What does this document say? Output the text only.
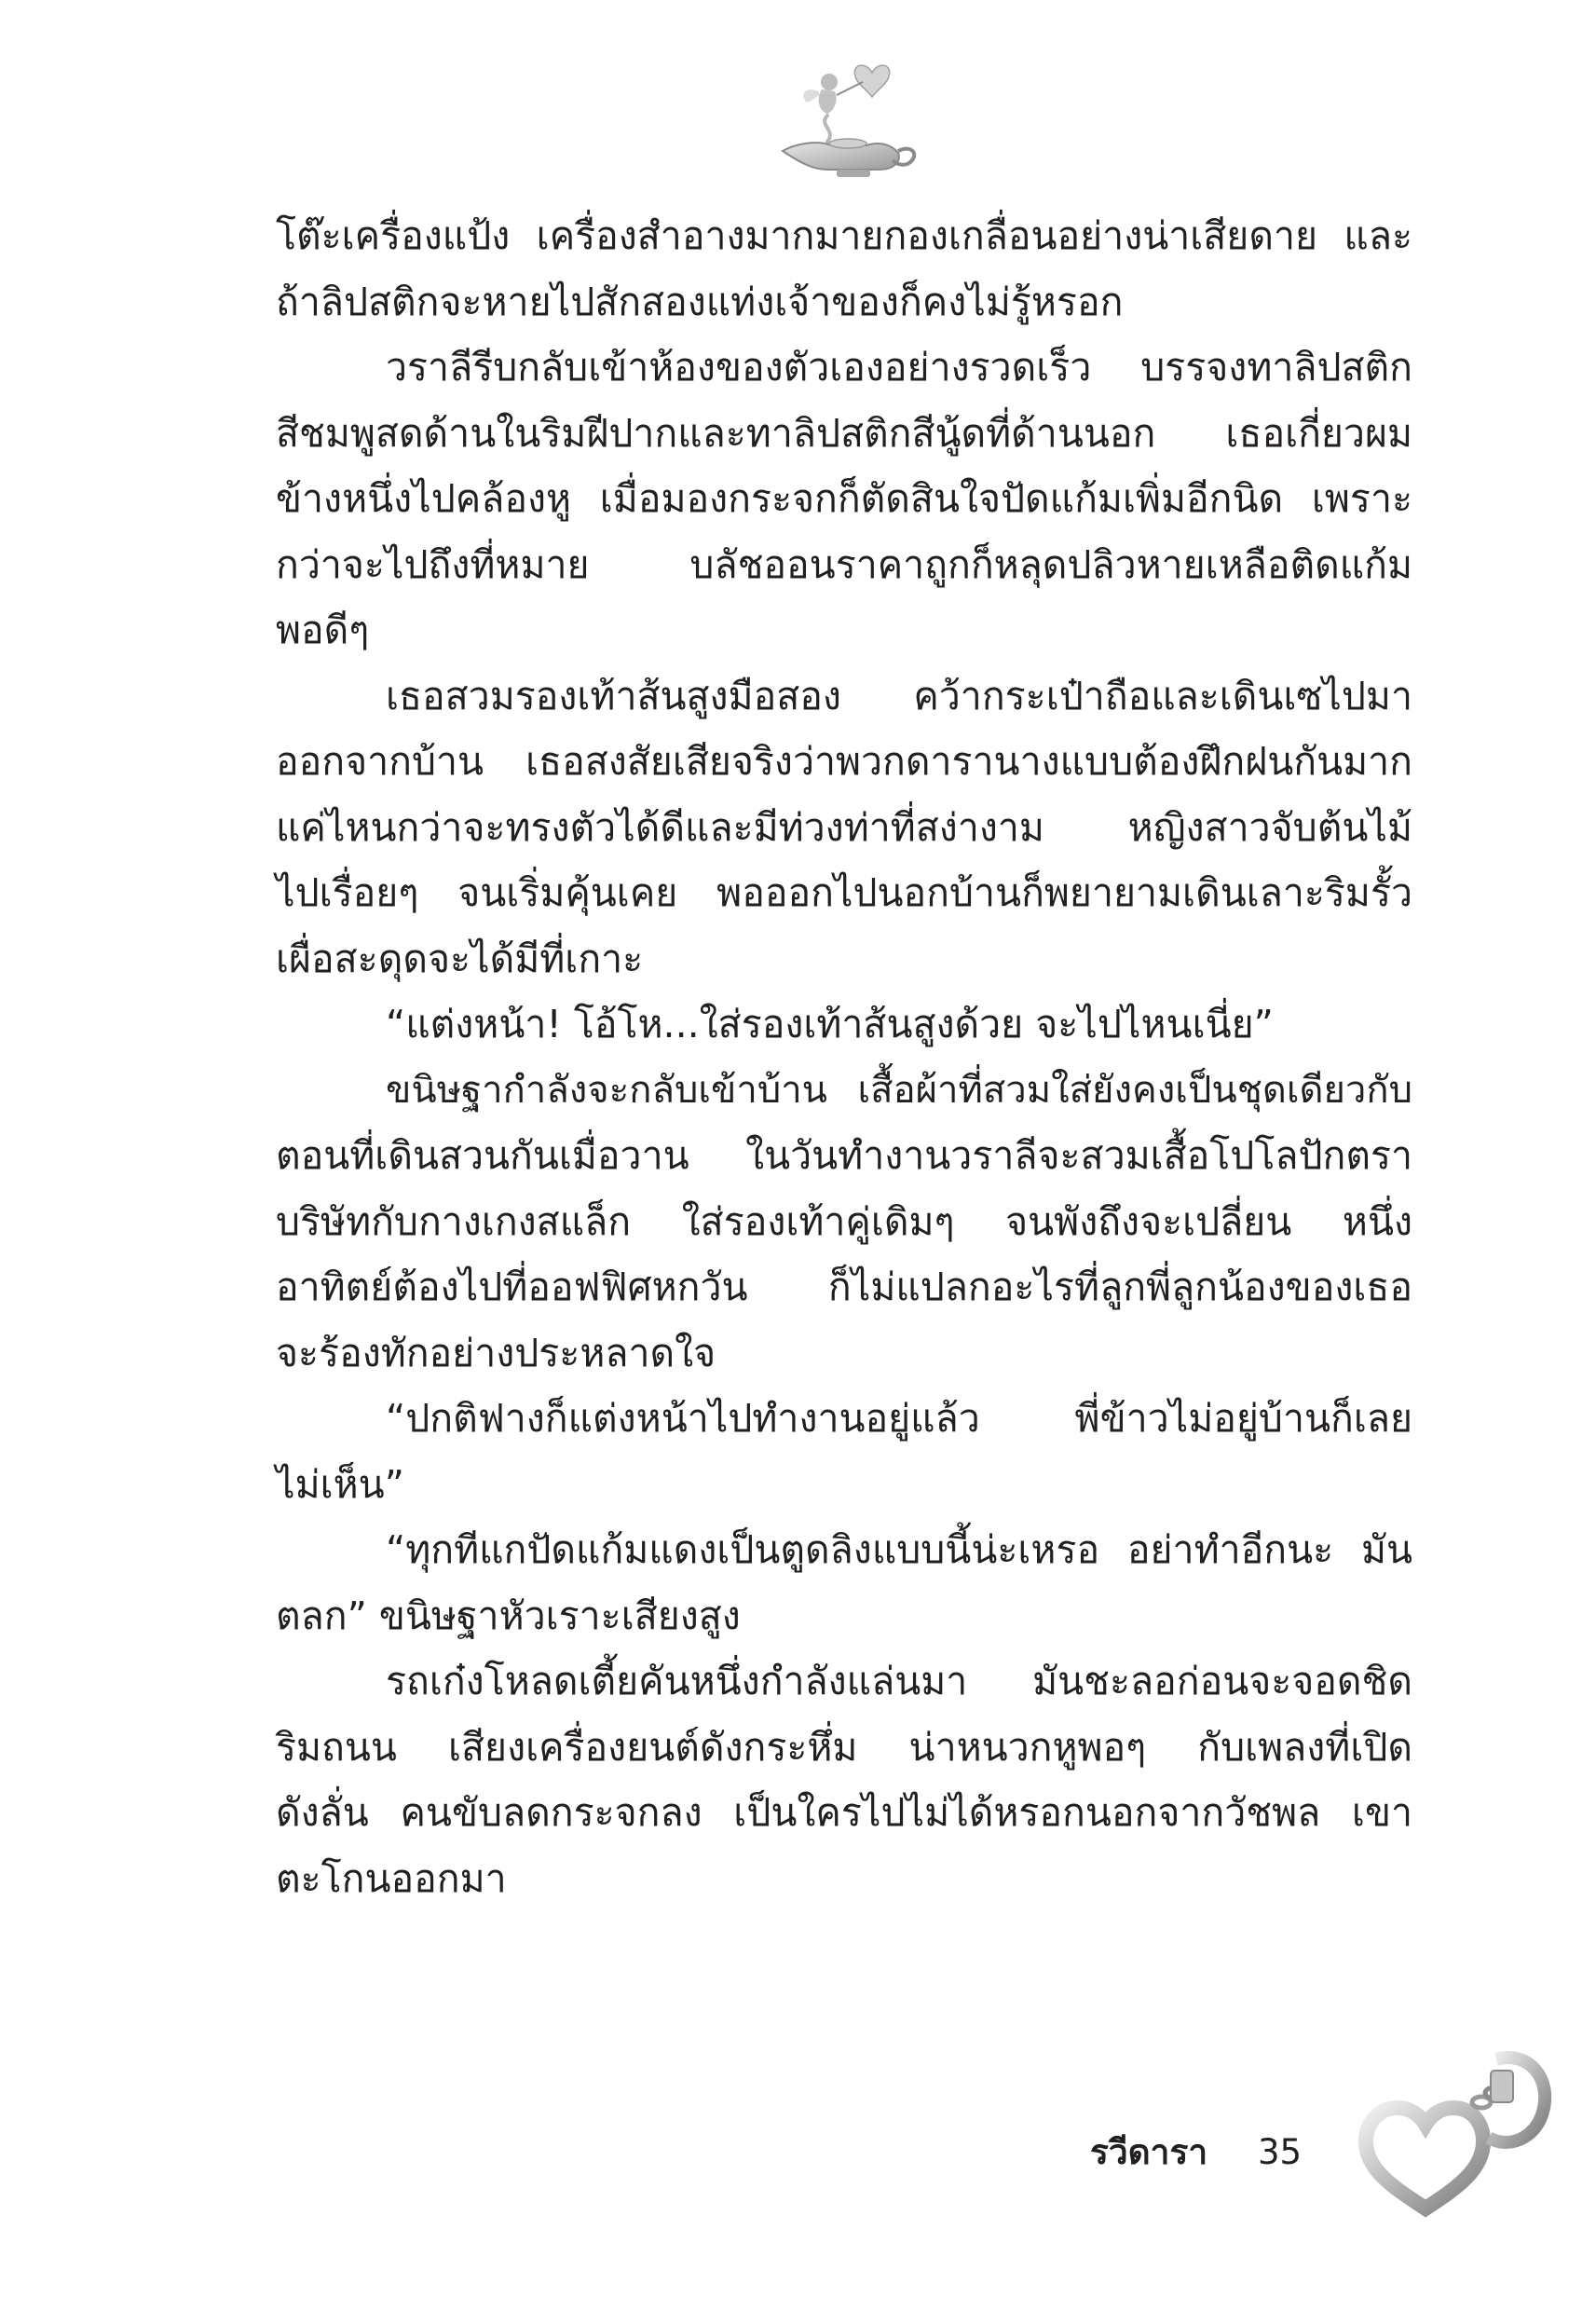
โต๊ะเครื่องแป้ง เครื่องสำอางมากมายกองเกลื่อนอย่างน่าเสียดาย และ
ถ้าลิปสติกจะหายไปสักสองแท่งเจ้าของก็คงไม่รู้หรอก
วราลีรีบกลับเข้าห้องของตัวเองอย่างรวดเร็ว บรรจงทาลิปสติก
สีชมพูสดด้านในริมฝีปากและทาลิปสติกสีนู้ดที่ด้านนอก เธอเกี่ยวผม
ข้างหนึ่งไปคล้องหู เมื่อมองกระจกก็ตัดสินใจปัดแก้มเพิ่มอีกนิด เพราะ
กว่าจะไปถึงที่หมาย บลัชออนราคาถูกก็หลุดปลิวหายเหลือติดแก้ม
พอดีๆ
เธอสวมรองเท้าส้นสูงมือสอง คว้ากระเป๋าถือและเดินเซไปมา
ออกจากบ้าน เธอสงสัยเสียจริงว่าพวกดารานางแบบต้องฝึกฝนกันมาก
แค่ไหนกว่าจะทรงตัวได้ดีและมีท่วงท่าที่สง่างาม หญิงสาวจับต้นไม้
ไปเรื่อยๆ จนเริ่มคุ้นเคย พอออกไปนอกบ้านก็พยายามเดินเลาะริมรั้ว
เผื่อสะดุดจะได้มีที่เกาะ
“แต่งหน้า! โอ้โห...ใส่รองเท้าส้นสูงด้วย จะไปไหนเนี่ย”
ขนิษฐากำลังจะกลับเข้าบ้าน เสื้อผ้าที่สวมใส่ยังคงเป็นชุดเดียวกับ
ตอนที่เดินสวนกันเมื่อวาน ในวันทำงานวราลีจะสวมเสื้อโปโลปักตรา
บริษัทกับกางเกงสแล็ก ใส่รองเท้าคู่เดิมๆ จนพังถึงจะเปลี่ยน หนึ่ง
อาทิตย์ต้องไปที่ออฟฟิศหกวัน ก็ไม่แปลกอะไรที่ลูกพี่ลูกน้องของเธอ
จะร้องทักอย่างประหลาดใจ
“ปกติฟางก็แต่งหน้าไปทำงานอยู่แล้ว พี่ข้าวไม่อยู่บ้านก็เลย
ไม่เห็น”
“ทุกทีแกปัดแก้มแดงเป็นตูดลิงแบบนี้น่ะเหรอ อย่าทำอีกนะ มัน
ตลก” ขนิษฐาหัวเราะเสียงสูง
รถเก๋งโหลดเตี้ยคันหนึ่งกำลังแล่นมา มันชะลอก่อนจะจอดชิด
ริมถนน เสียงเครื่องยนต์ดังกระหึ่ม น่าหนวกหูพอๆ กับเพลงที่เปิด
ดังลั่น คนขับลดกระจกลง เป็นใครไปไม่ได้หรอกนอกจากวัชพล เขา
ตะโกนออกมา
รวีดารา 35
